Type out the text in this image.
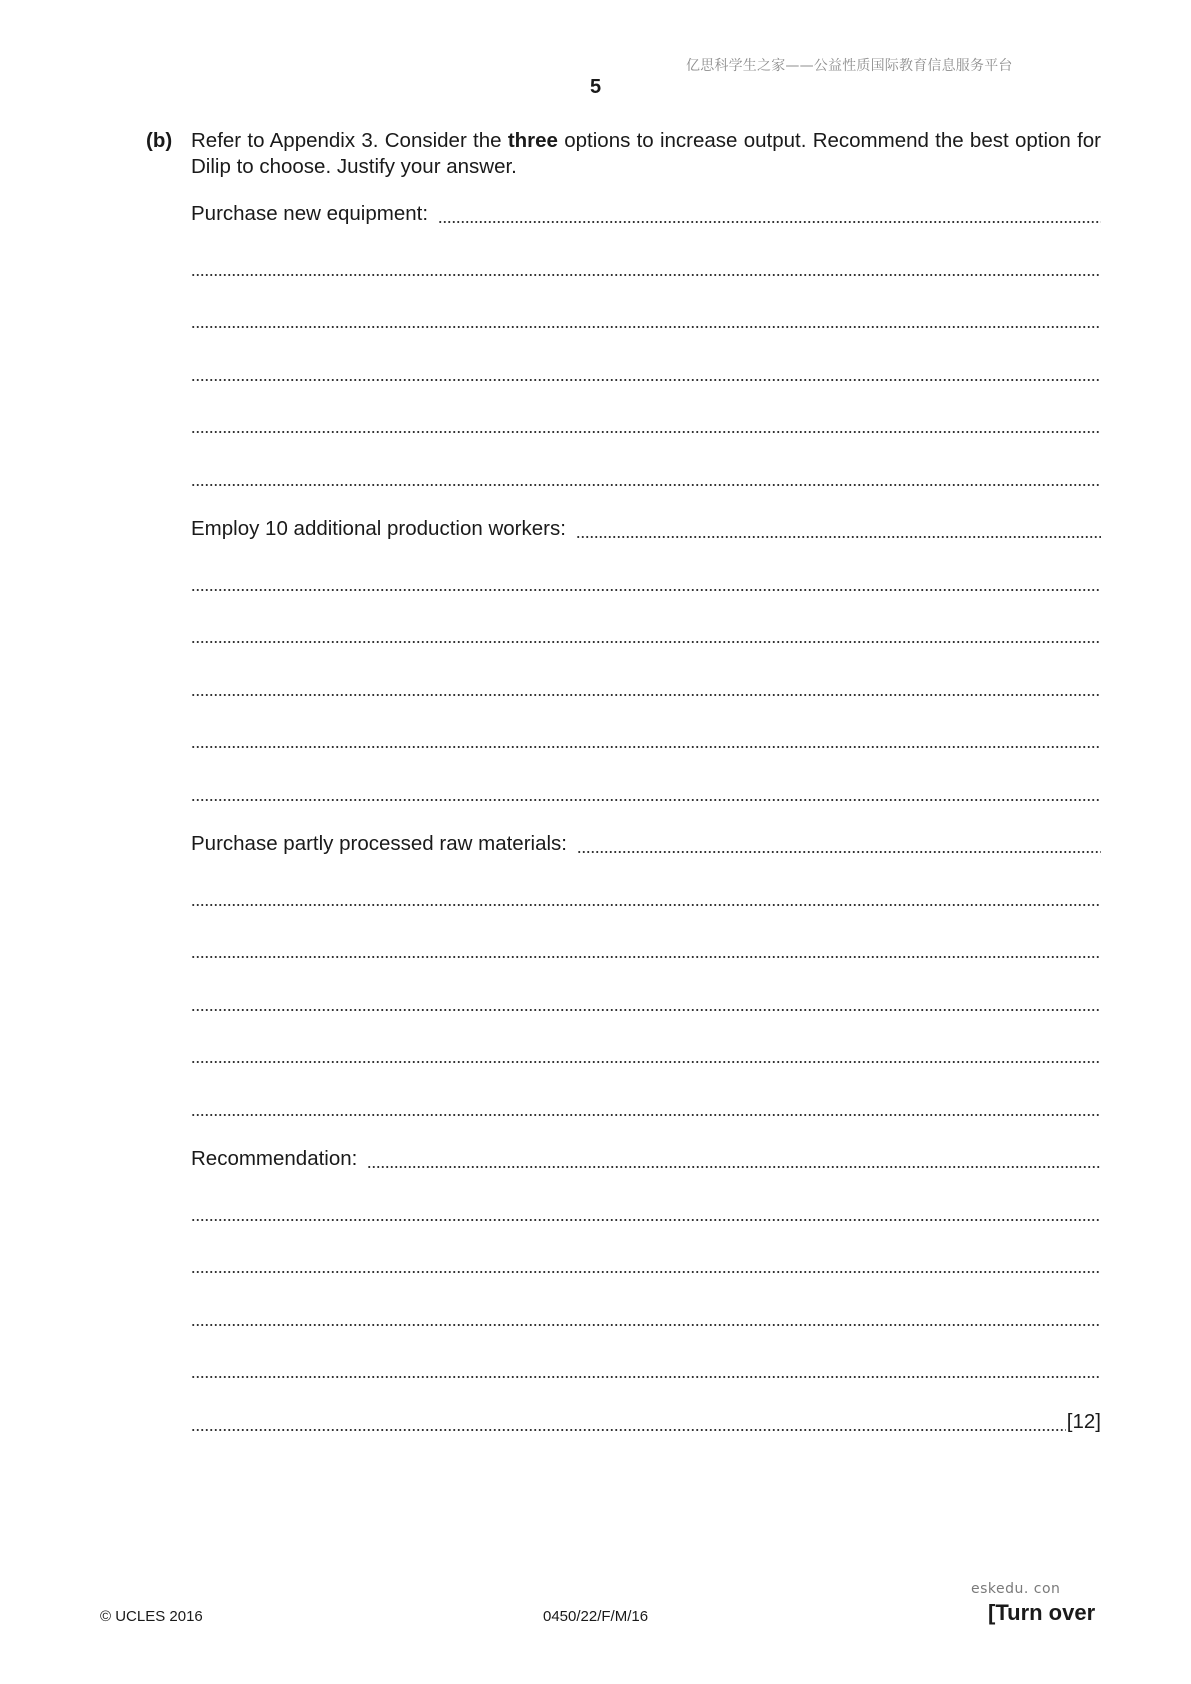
亿思科学生之家——公益性质国际教育信息服务平台
5
(b) Refer to Appendix 3. Consider the three options to increase output. Recommend the best option for Dilip to choose. Justify your answer.
Purchase new equipment:
Employ 10 additional production workers:
Purchase partly processed raw materials:
Recommendation:
[12]
© UCLES 2016	0450/22/F/M/16
eskedu. con
[Turn over
